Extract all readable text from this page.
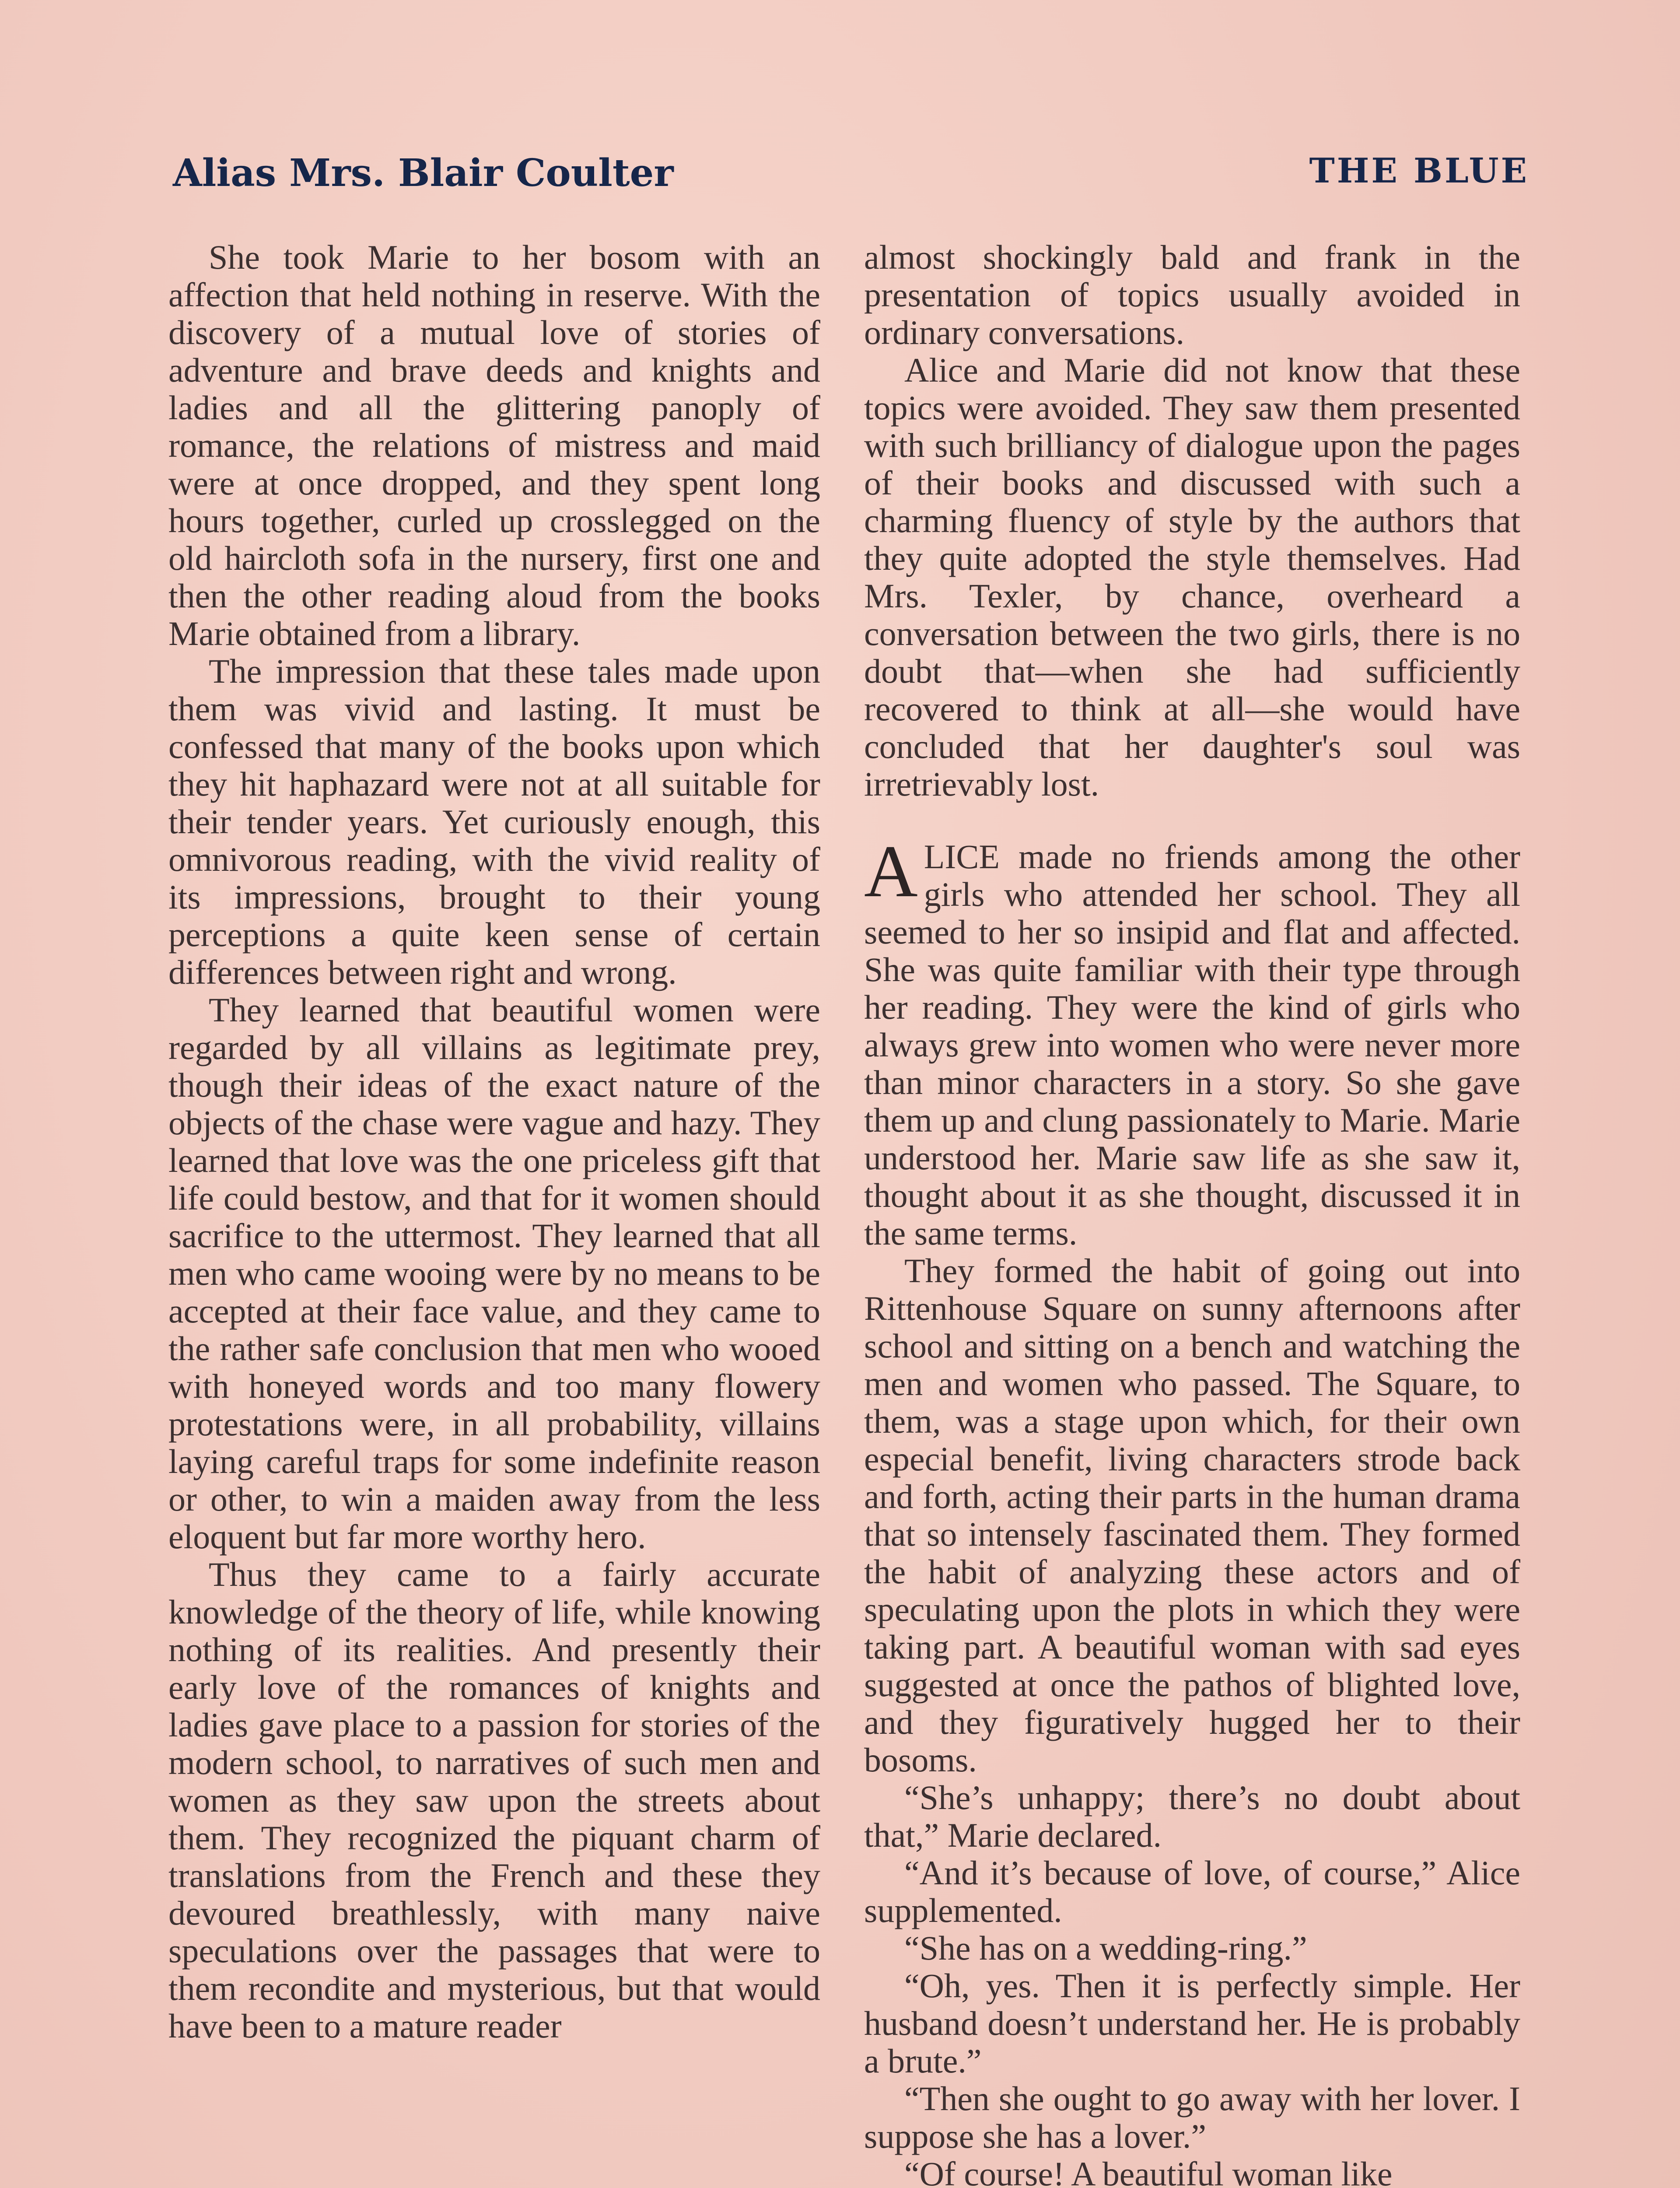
Alias Mrs. Blair Coulter	THE BLUE

She took Marie to her bosom with an affection that held nothing in reserve. With the discovery of a mutual love of stories of adventure and brave deeds and knights and ladies and all the glittering panoply of romance, the relations of mistress and maid were at once dropped, and they spent long hours together, curled up crosslegged on the old haircloth sofa in the nursery, first one and then the other reading aloud from the books Marie obtained from a library.

The impression that these tales made upon them was vivid and lasting. It must be confessed that many of the books upon which they hit haphazard were not at all suitable for their tender years. Yet curiously enough, this omnivorous reading, with the vivid reality of its impressions, brought to their young perceptions a quite keen sense of certain differences between right and wrong.

They learned that beautiful women were regarded by all villains as legitimate prey, though their ideas of the exact nature of the objects of the chase were vague and hazy. They learned that love was the one priceless gift that life could bestow, and that for it women should sacrifice to the uttermost. They learned that all men who came wooing were by no means to be accepted at their face value, and they came to the rather safe conclusion that men who wooed with honeyed words and too many flowery protestations were, in all probability, villains laying careful traps for some indefinite reason or other, to win a maiden away from the less eloquent but far more worthy hero.

Thus they came to a fairly accurate knowledge of the theory of life, while knowing nothing of its realities. And presently their early love of the romances of knights and ladies gave place to a passion for stories of the modern school, to narratives of such men and women as they saw upon the streets about them. They recognized the piquant charm of translations from the French and these they devoured breathlessly, with many naive speculations over the passages that were to them recondite and mysterious, but that would have been to a mature reader

almost shockingly bald and frank in the presentation of topics usually avoided in ordinary conversations.

Alice and Marie did not know that these topics were avoided. They saw them presented with such brilliancy of dialogue upon the pages of their books and discussed with such a charming fluency of style by the authors that they quite adopted the style themselves. Had Mrs. Texler, by chance, overheard a conversation between the two girls, there is no doubt that—when she had sufficiently recovered to think at all—she would have concluded that her daughter's soul was irretrievably lost.

ALICE made no friends among the other girls who attended her school. They all seemed to her so insipid and flat and affected. She was quite familiar with their type through her reading. They were the kind of girls who always grew into women who were never more than minor characters in a story. So she gave them up and clung passionately to Marie. Marie understood her. Marie saw life as she saw it, thought about it as she thought, discussed it in the same terms.

They formed the habit of going out into Rittenhouse Square on sunny afternoons after school and sitting on a bench and watching the men and women who passed. The Square, to them, was a stage upon which, for their own especial benefit, living characters strode back and forth, acting their parts in the human drama that so intensely fascinated them. They formed the habit of analyzing these actors and of speculating upon the plots in which they were taking part. A beautiful woman with sad eyes suggested at once the pathos of blighted love, and they figuratively hugged her to their bosoms.

“She’s unhappy; there’s no doubt about that,” Marie declared.

“And it’s because of love, of course,” Alice supplemented.

“She has on a wedding-ring.”

“Oh, yes. Then it is perfectly simple. Her husband doesn’t understand her. He is probably a brute.”

“Then she ought to go away with her lover. I suppose she has a lover.”

“Of course! A beautiful woman like
